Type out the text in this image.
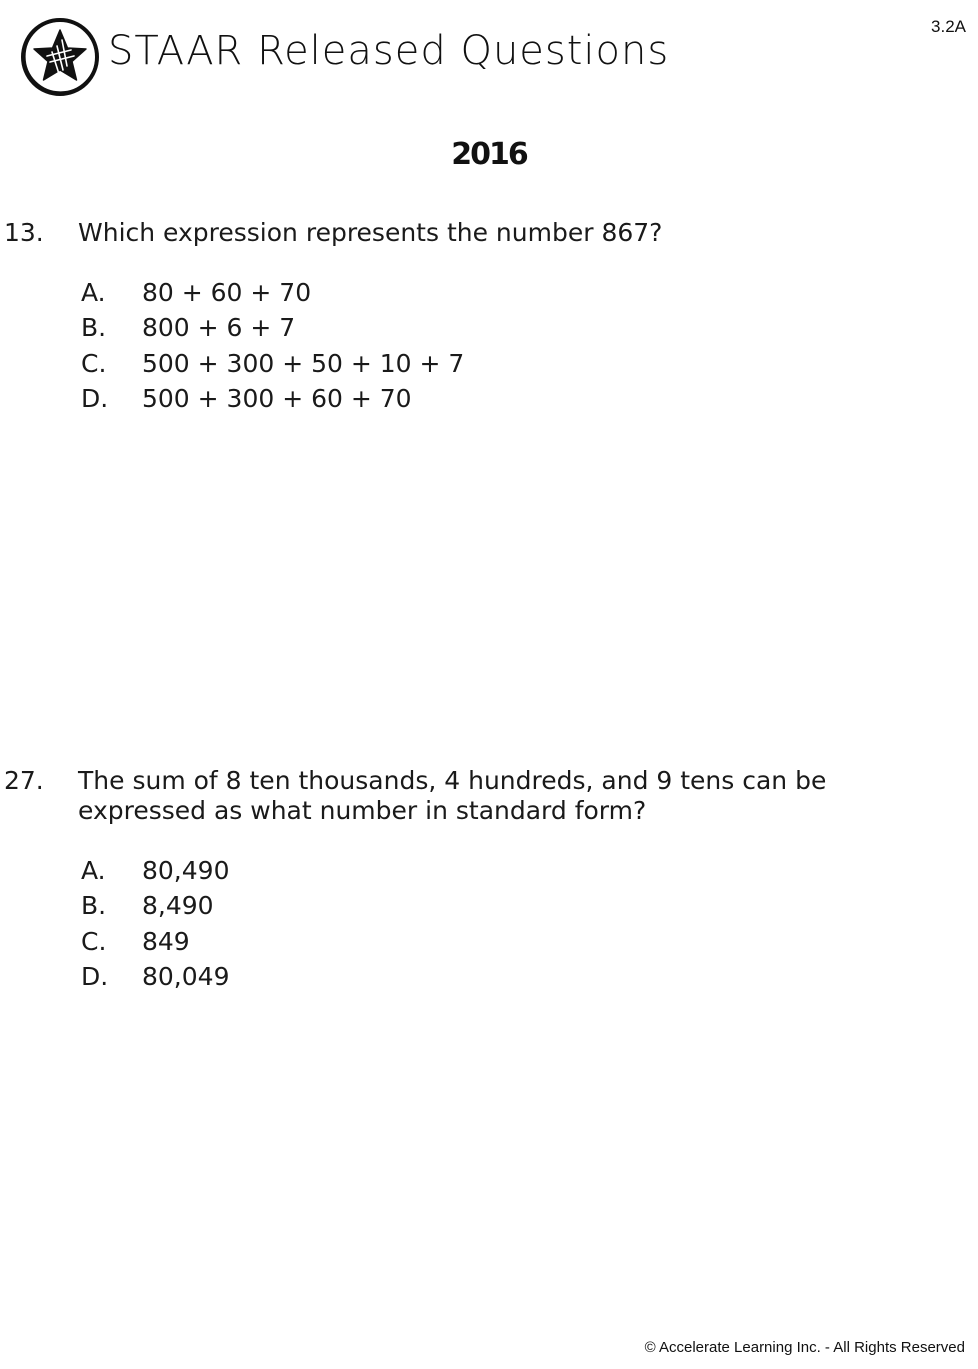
3.2A
STAAR Released Questions
2016
13. Which expression represents the number 867?
A. 80 + 60 + 70
B. 800 + 6 + 7
C. 500 + 300 + 50 + 10 + 7
D. 500 + 300 + 60 + 70
27. The sum of 8 ten thousands, 4 hundreds, and 9 tens can be expressed as what number in standard form?
A. 80,490
B. 8,490
C. 849
D. 80,049
© Accelerate Learning Inc. - All Rights Reserved
